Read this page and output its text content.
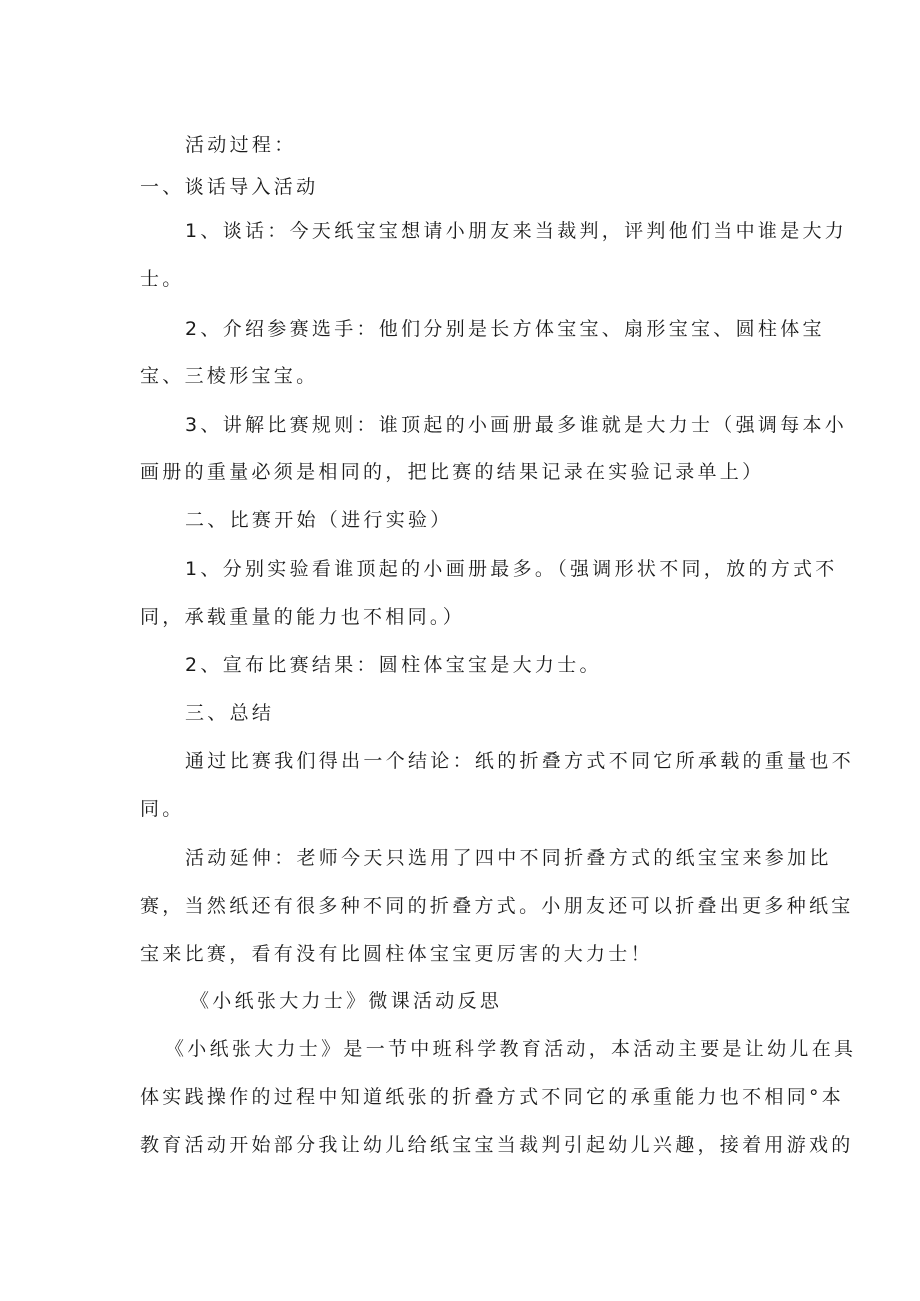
活动过程：
一、谈话导入活动
1、谈话：今天纸宝宝想请小朋友来当裁判，评判他们当中谁是大力
士。
2、介绍参赛选手：他们分别是长方体宝宝、扇形宝宝、圆柱体宝
宝、三棱形宝宝。
3、讲解比赛规则：谁顶起的小画册最多谁就是大力士（强调每本小
画册的重量必须是相同的，把比赛的结果记录在实验记录单上）
二、比赛开始（进行实验）
1、分别实验看谁顶起的小画册最多。（强调形状不同，放的方式不
同，承载重量的能力也不相同。）
2、宣布比赛结果：圆柱体宝宝是大力士。
三、总结
通过比赛我们得出一个结论：纸的折叠方式不同它所承载的重量也不
同。
活动延伸：老师今天只选用了四中不同折叠方式的纸宝宝来参加比
赛，当然纸还有很多种不同的折叠方式。小朋友还可以折叠出更多种纸宝
宝来比赛，看有没有比圆柱体宝宝更厉害的大力士！
《小纸张大力士》微课活动反思
《小纸张大力士》是一节中班科学教育活动，本活动主要是让幼儿在具
体实践操作的过程中知道纸张的折叠方式不同它的承重能力也不相同°本
教育活动开始部分我让幼儿给纸宝宝当裁判引起幼儿兴趣，接着用游戏的
